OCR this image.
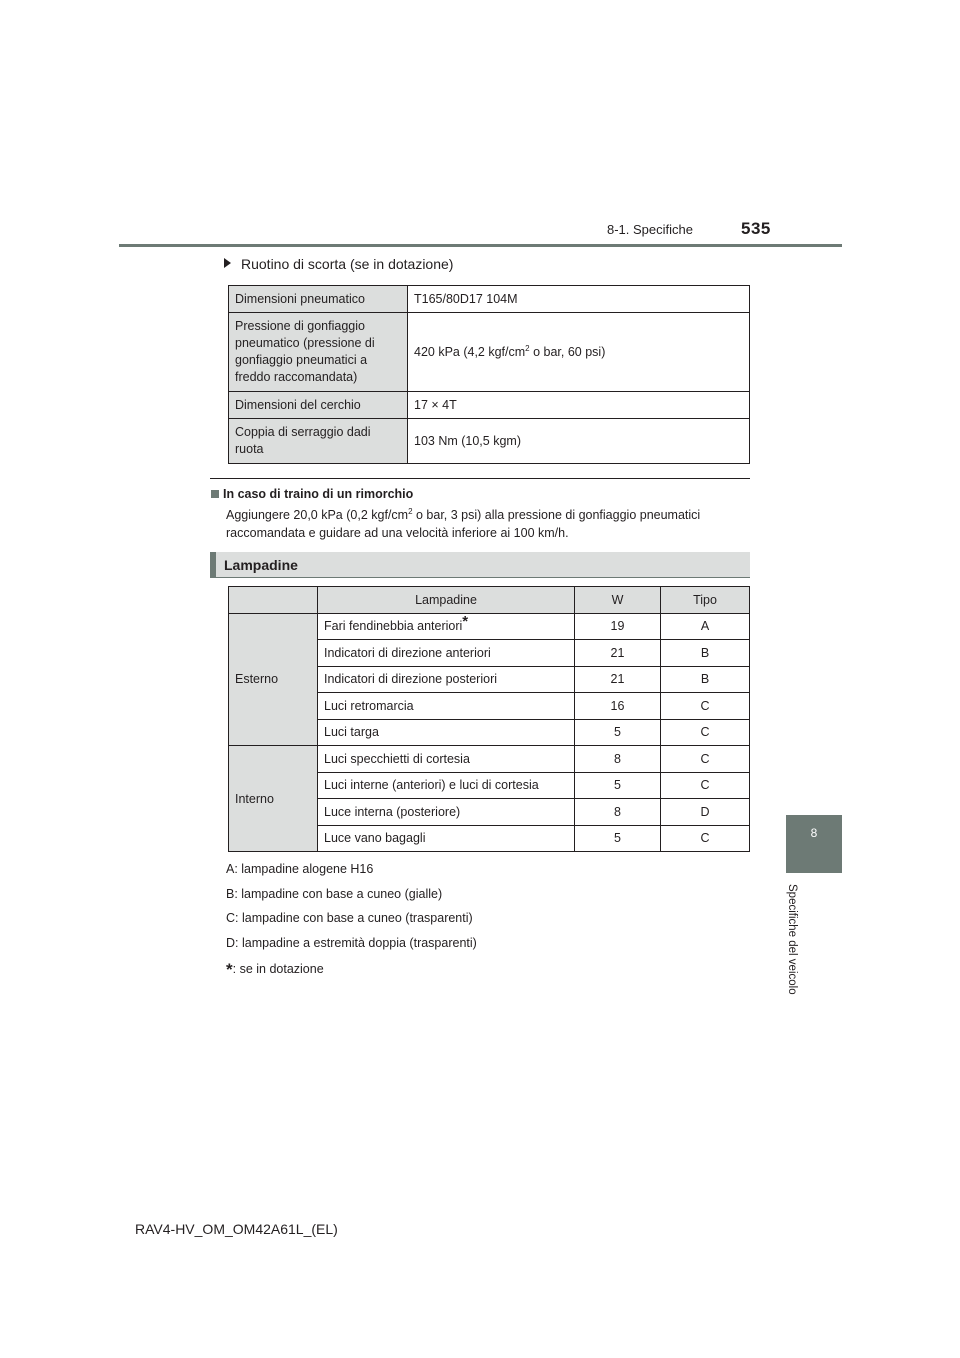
8-1. Specifiche	535
8
Specifiche del veicolo
Ruotino di scorta (se in dotazione)
Dimensioni pneumatico	T165/80D17 104M
Pressione di gonfiaggio pneumatico (pressione di gonfiaggio pneumatici a freddo raccomandata)	420 kPa (4,2 kgf/$cm^2$ o bar, 60 psi)
Dimensioni del cerchio	17 × 4T
Coppia di serraggio dadi ruota	103 Nm (10,5 kgm)
In caso di traino di un rimorchio
Aggiungere 20,0 kPa (0,2 kgf/$cm^2$ o bar, 3 psi) alla pressione di gonfiaggio pneumatici raccomandata e guidare ad una velocità inferiore ai 100 km/h.
Lampadine
	Lampadine	W	Tipo
Esterno	Fari fendinebbia anteriori*	19	A
	Indicatori di direzione anteriori	21	B
	Indicatori di direzione posteriori	21	B
	Luci retromarcia	16	C
	Luci targa	5	C
Interno	Luci specchietti di cortesia	8	C
	Luci interne (anteriori) e luci di cortesia	5	C
	Luce interna (posteriore)	8	D
	Luce vano bagagli	5	C
A: lampadine alogene H16
B: lampadine con base a cuneo (gialle)
C: lampadine con base a cuneo (trasparenti)
D: lampadine a estremità doppia (trasparenti)
*: se in dotazione
RAV4-HV_OM_OM42A61L_(EL)
